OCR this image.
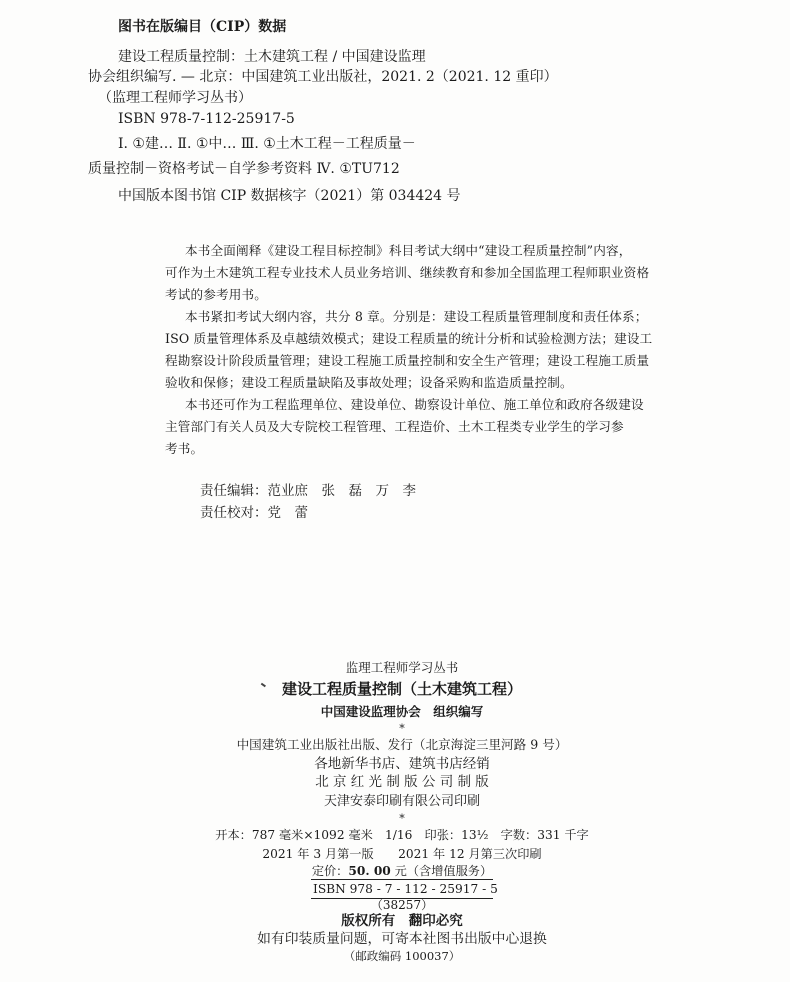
图书在版编目（CIP）数据
建设工程质量控制：土木建筑工程 / 中国建设监理
协会组织编写. — 北京：中国建筑工业出版社，2021. 2（2021. 12 重印）
（监理工程师学习丛书）
ISBN 978-7-112-25917-5
Ⅰ. ①建… Ⅱ. ①中… Ⅲ. ①土木工程－工程质量－
质量控制－资格考试－自学参考资料 Ⅳ. ①TU712
中国版本图书馆 CIP 数据核字（2021）第 034424 号
本书全面阐释《建设工程目标控制》科目考试大纲中“建设工程质量控制”内容，
可作为土木建筑工程专业技术人员业务培训、继续教育和参加全国监理工程师职业资格
考试的参考用书。
本书紧扣考试大纲内容，共分 8 章。分别是：建设工程质量管理制度和责任体系；
ISO 质量管理体系及卓越绩效模式；建设工程质量的统计分析和试验检测方法；建设工
程勘察设计阶段质量管理；建设工程施工质量控制和安全生产管理；建设工程施工质量
验收和保修；建设工程质量缺陷及事故处理；设备采购和监造质量控制。
本书还可作为工程监理单位、建设单位、勘察设计单位、施工单位和政府各级建设
主管部门有关人员及大专院校工程管理、工程造价、土木工程类专业学生的学习参
考书。
责任编辑：范业庶　张　磊　万　李
责任校对：党　蕾
监理工程师学习丛书
建设工程质量控制（土木建筑工程）
中国建设监理协会　组织编写
*
中国建筑工业出版社出版、发行（北京海淀三里河路 9 号）
各地新华书店、建筑书店经销
北 京 红 光 制 版 公 司 制 版
天津安泰印刷有限公司印刷
*
开本：787 毫米×1092 毫米　1/16　印张：13½　字数：331 千字
2021 年 3 月第一版　　2021 年 12 月第三次印刷
定价：50. 00 元（含增值服务）
ISBN 978 - 7 - 112 - 25917 - 5
（38257）
版权所有　翻印必究
如有印装质量问题，可寄本社图书出版中心退换
（邮政编码 100037）
